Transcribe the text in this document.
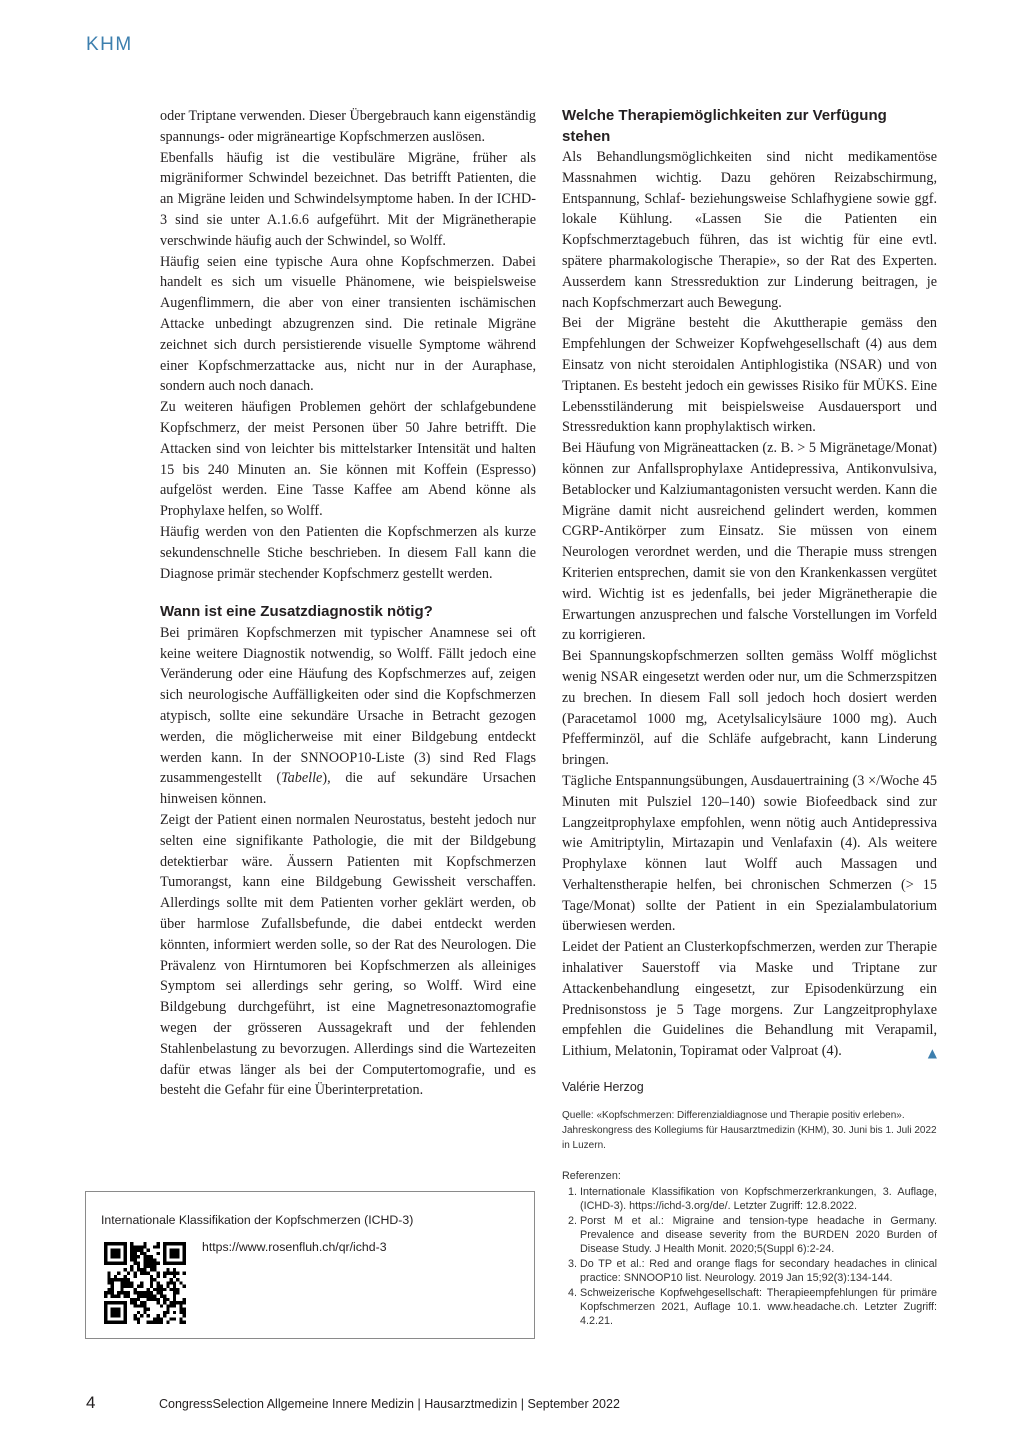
KHM

oder Triptane verwenden. Dieser Übergebrauch kann eigenständig spannungs- oder migräneartige Kopfschmerzen auslösen.

Ebenfalls häufig ist die vestibuläre Migräne, früher als migräniformer Schwindel bezeichnet. Das betrifft Patienten, die an Migräne leiden und Schwindelsymptome haben. In der ICHD-3 sind sie unter A.1.6.6 aufgeführt. Mit der Migränetherapie verschwinde häufig auch der Schwindel, so Wolff.

Häufig seien eine typische Aura ohne Kopfschmerzen. Dabei handelt es sich um visuelle Phänomene, wie beispielsweise Augenflimmern, die aber von einer transienten ischämischen Attacke unbedingt abzugrenzen sind. Die retinale Migräne zeichnet sich durch persistierende visuelle Symptome während einer Kopfschmerzattacke aus, nicht nur in der Auraphase, sondern auch noch danach.

Zu weiteren häufigen Problemen gehört der schlafgebundene Kopfschmerz, der meist Personen über 50 Jahre betrifft. Die Attacken sind von leichter bis mittelstarker Intensität und halten 15 bis 240 Minuten an. Sie können mit Koffein (Espresso) aufgelöst werden. Eine Tasse Kaffee am Abend könne als Prophylaxe helfen, so Wolff.

Häufig werden von den Patienten die Kopfschmerzen als kurze sekundenschnelle Stiche beschrieben. In diesem Fall kann die Diagnose primär stechender Kopfschmerz gestellt werden.

Wann ist eine Zusatzdiagnostik nötig?

Bei primären Kopfschmerzen mit typischer Anamnese sei oft keine weitere Diagnostik notwendig, so Wolff. Fällt jedoch eine Veränderung oder eine Häufung des Kopfschmerzes auf, zeigen sich neurologische Auffälligkeiten oder sind die Kopfschmerzen atypisch, sollte eine sekundäre Ursache in Betracht gezogen werden, die möglicherweise mit einer Bildgebung entdeckt werden kann. In der SNNOOP10-Liste (3) sind Red Flags zusammengestellt (Tabelle), die auf sekundäre Ursachen hinweisen können.

Zeigt der Patient einen normalen Neurostatus, besteht jedoch nur selten eine signifikante Pathologie, die mit der Bildgebung detektierbar wäre. Äussern Patienten mit Kopfschmerzen Tumorangst, kann eine Bildgebung Gewissheit verschaffen. Allerdings sollte mit dem Patienten vorher geklärt werden, ob über harmlose Zufallsbefunde, die dabei entdeckt werden könnten, informiert werden solle, so der Rat des Neurologen. Die Prävalenz von Hirntumoren bei Kopfschmerzen als alleiniges Symptom sei allerdings sehr gering, so Wolff. Wird eine Bildgebung durchgeführt, ist eine Magnetresonaztomografie wegen der grösseren Aussagekraft und der fehlenden Stahlenbelastung zu bevorzugen. Allerdings sind die Wartezeiten dafür etwas länger als bei der Computertomografie, und es besteht die Gefahr für eine Überinterpretation.

Welche Therapiemöglichkeiten zur Verfügung stehen

Als Behandlungsmöglichkeiten sind nicht medikamentöse Massnahmen wichtig. Dazu gehören Reizabschirmung, Entspannung, Schlaf- beziehungsweise Schlafhygiene sowie ggf. lokale Kühlung. «Lassen Sie die Patienten ein Kopfschmerztagebuch führen, das ist wichtig für eine evtl. spätere pharmakologische Therapie», so der Rat des Experten. Ausserdem kann Stressreduktion zur Linderung beitragen, je nach Kopfschmerzart auch Bewegung.

Bei der Migräne besteht die Akuttherapie gemäss den Empfehlungen der Schweizer Kopfwehgesellschaft (4) aus dem Einsatz von nicht steroidalen Antiphlogistika (NSAR) und von Triptanen. Es besteht jedoch ein gewisses Risiko für MÜKS. Eine Lebensstiländerung mit beispielsweise Ausdauersport und Stressreduktion kann prophylaktisch wirken.

Bei Häufung von Migräneattacken (z. B. > 5 Migränetage/Monat) können zur Anfallsprophylaxe Antidepressiva, Antikonvulsiva, Betablocker und Kalziumantagonisten versucht werden. Kann die Migräne damit nicht ausreichend gelindert werden, kommen CGRP-Antikörper zum Einsatz. Sie müssen von einem Neurologen verordnet werden, und die Therapie muss strengen Kriterien entsprechen, damit sie von den Krankenkassen vergütet wird. Wichtig ist es jedenfalls, bei jeder Migränetherapie die Erwartungen anzusprechen und falsche Vorstellungen im Vorfeld zu korrigieren.

Bei Spannungskopfschmerzen sollten gemäss Wolff möglichst wenig NSAR eingesetzt werden oder nur, um die Schmerzspitzen zu brechen. In diesem Fall soll jedoch hoch dosiert werden (Paracetamol 1000 mg, Acetylsalicylsäure 1000 mg). Auch Pfefferminzöl, auf die Schläfe aufgebracht, kann Linderung bringen.

Tägliche Entspannungsübungen, Ausdauertraining (3 ×/Woche 45 Minuten mit Pulsziel 120–140) sowie Biofeedback sind zur Langzeitprophylaxe empfohlen, wenn nötig auch Antidepressiva wie Amitriptylin, Mirtazapin und Venlafaxin (4). Als weitere Prophylaxe können laut Wolff auch Massagen und Verhaltenstherapie helfen, bei chronischen Schmerzen (> 15 Tage/Monat) sollte der Patient in ein Spezialambulatorium überwiesen werden.

Leidet der Patient an Clusterkopfschmerzen, werden zur Therapie inhalativer Sauerstoff via Maske und Triptane zur Attackenbehandlung eingesetzt, zur Episodenkürzung ein Prednisonstoss je 5 Tage morgens. Zur Langzeitprophylaxe empfehlen die Guidelines die Behandlung mit Verapamil, Lithium, Melatonin, Topiramat oder Valproat (4).	▲

Valérie Herzog
Quelle: «Kopfschmerzen: Differenzialdiagnose und Therapie positiv erleben». Jahreskongress des Kollegiums für Hausarztmedizin (KHM), 30. Juni bis 1. Juli 2022 in Luzern.
Referenzen:
1. Internationale Klassifikation von Kopfschmerzerkrankungen, 3. Auflage, (ICHD-3). https://ichd-3.org/de/. Letzter Zugriff: 12.8.2022.
2. Porst M et al.: Migraine and tension-type headache in Germany. Prevalence and disease severity from the BURDEN 2020 Burden of Disease Study. J Health Monit. 2020;5(Suppl 6):2-24.
3. Do TP et al.: Red and orange flags for secondary headaches in clinical practice: SNNOOP10 list. Neurology. 2019 Jan 15;92(3):134-144.
4. Schweizerische Kopfwehgesellschaft: Therapieempfehlungen für primäre Kopfschmerzen 2021, Auflage 10.1. www.headache.ch. Letzter Zugriff: 4.2.21.
Internationale Klassifikation der Kopfschmerzen (ICHD-3)
https://www.rosenfluh.ch/qr/ichd-3
4	CongressSelection Allgemeine Innere Medizin | Hausarztmedizin | September 2022
